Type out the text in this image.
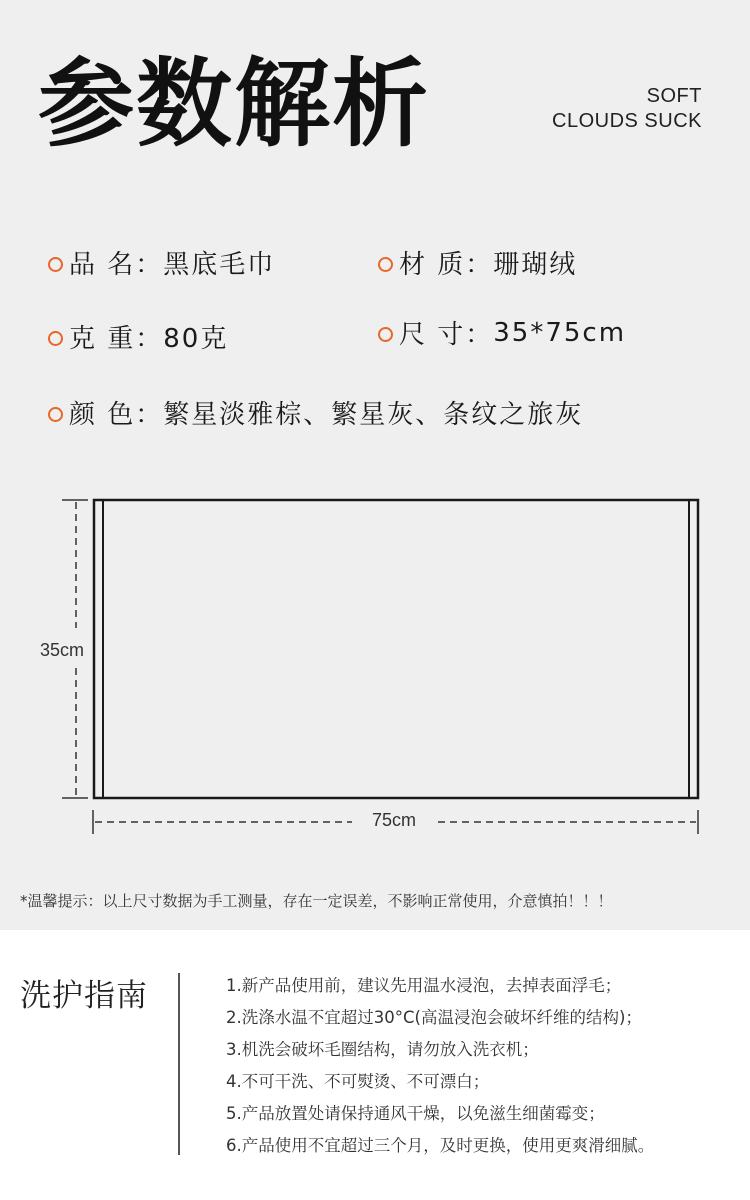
参数解析	SOFT
CLOUDS SUCK
品 名： 黑底毛巾	材 质： 珊瑚绒
克 重： 80克	尺 寸： 35*75cm
颜 色： 繁星淡雅棕、繁星灰、条纹之旅灰
35cm
75cm
*温馨提示：以上尺寸数据为手工测量，存在一定误差，不影响正常使用，介意慎拍！！！
洗护指南	1.新产品使用前，建议先用温水浸泡，去掉表面浮毛；
2.洗涤水温不宜超过30°C(高温浸泡会破坏纤维的结构)；
3.机洗会破坏毛圈结构，请勿放入洗衣机；
4.不可干洗、不可熨烫、不可漂白；
5.产品放置处请保持通风干燥，以免滋生细菌霉变；
6.产品使用不宜超过三个月，及时更换，使用更爽滑细腻。
